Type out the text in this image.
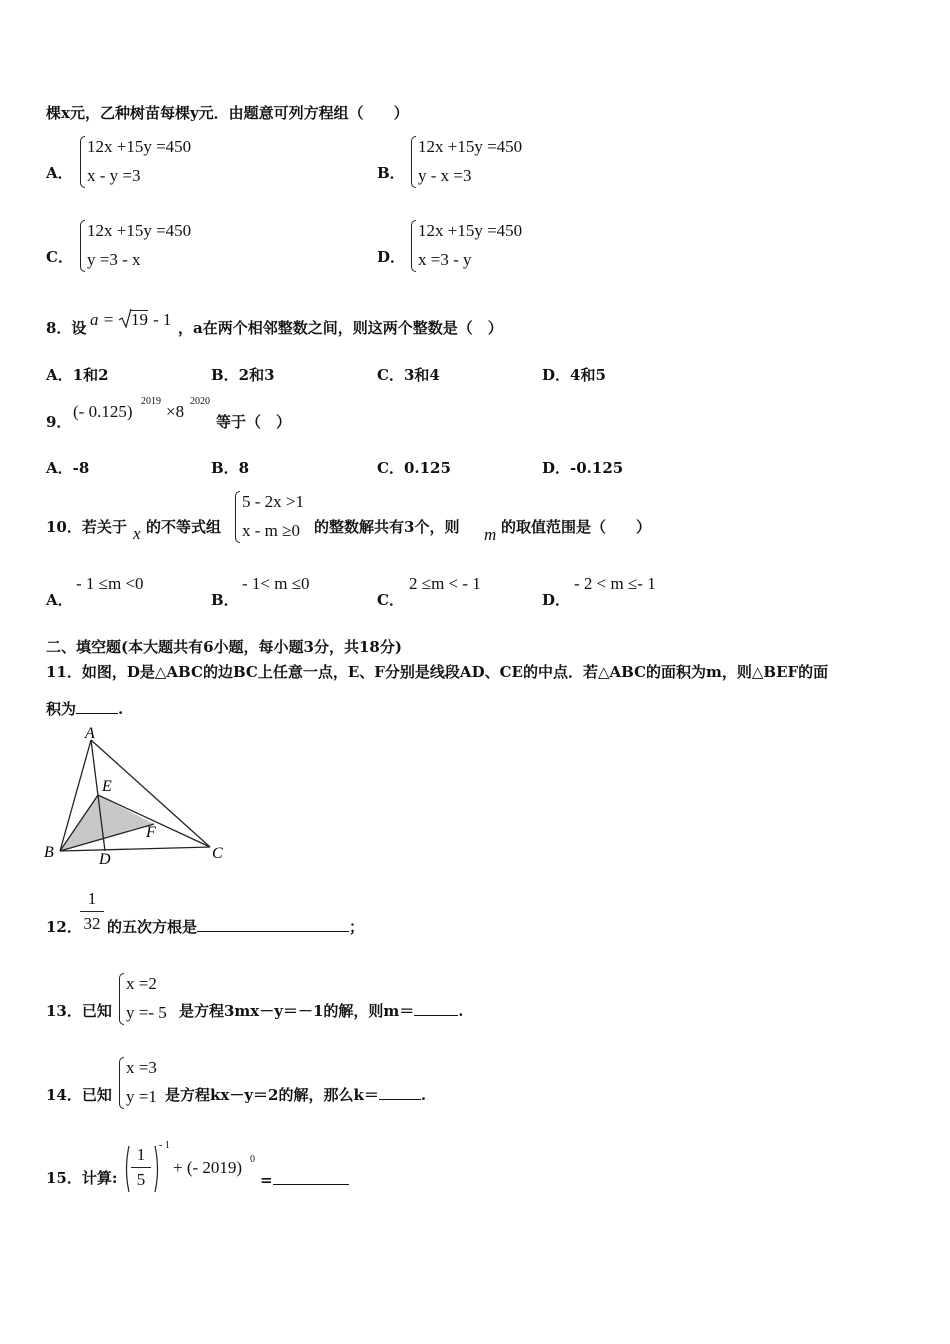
棵x元，乙种树苗每棵y元．由题意可列方程组（　　）
A．
12x +15y =450
x - y =3	B．
12x +15y =450
y - x =3
C．
12x +15y =450
y =3 - x	D．
12x +15y =450
x =3 - y
8．设 a = 19 - 1 ，a在两个相邻整数之间，则这两个整数是（　）
A．1和2	B．2和3	C．3和4	D．4和5
9．
(- 0.125)
2019
×8
2020
等于（　）
A．-8	B．8	C．0.125	D．-0.125
10．若关于 x 的不等式组
5 - 2x >1
x - m ≥0 的整数解共有3个，则 m 的取值范围是（　　）
A．
- 1 ≤m <0
B．
- 1< m ≤0
C．
2 ≤m < - 1
D．
- 2 < m ≤- 1
二、填空题(本大题共有6小题，每小题3分，共18分)
11．如图，D是△ABC的边BC上任意一点，E、F分别是线段AD、CE的中点．若△ABC的面积为m，则△BEF的面
积为	.
A
B	C
D
E
F
12．
1
32 的五次方根是	；
13．已知
x =2
y =- 5 是方程3mx－y＝－1的解，则m＝	.
14．已知
x =3
y =1 是方程kx－y＝2的解，那么k＝	.
15．计算:
1
5
- 1
+ (- 2019) 0
=
